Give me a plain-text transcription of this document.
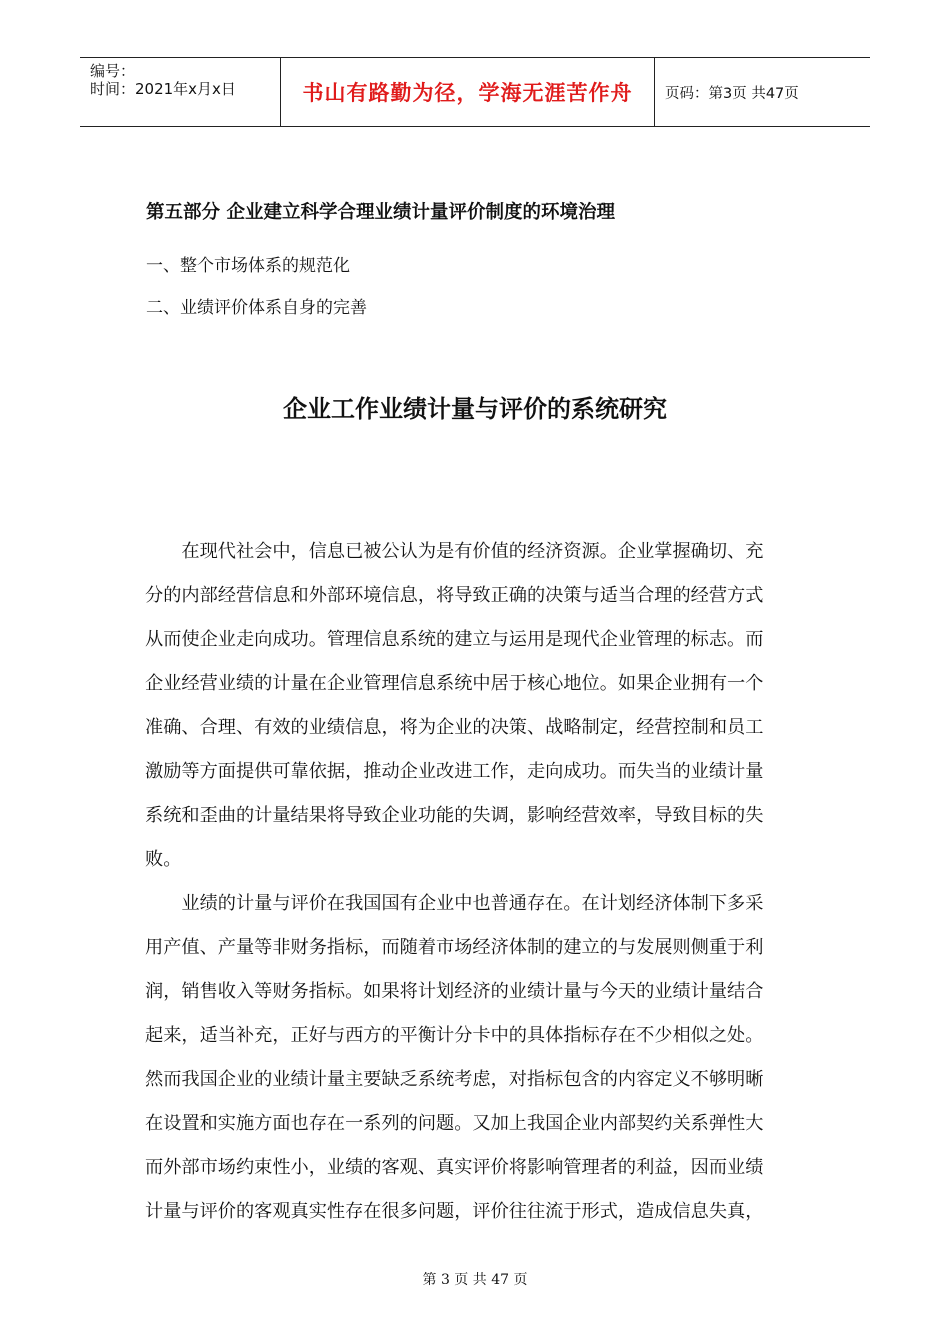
编号：
时间：2021年x月x日	书山有路勤为径，学海无涯苦作舟	页码：第3页 共47页
第五部分 企业建立科学合理业绩计量评价制度的环境治理
一、整个市场体系的规范化
二、业绩评价体系自身的完善
企业工作业绩计量与评价的系统研究
　　在现代社会中，信息已被公认为是有价值的经济资源。企业掌握确切、充
分的内部经营信息和外部环境信息，将导致正确的决策与适当合理的经营方式
从而使企业走向成功。管理信息系统的建立与运用是现代企业管理的标志。而
企业经营业绩的计量在企业管理信息系统中居于核心地位。如果企业拥有一个
准确、合理、有效的业绩信息，将为企业的决策、战略制定，经营控制和员工
激励等方面提供可靠依据，推动企业改进工作，走向成功。而失当的业绩计量
系统和歪曲的计量结果将导致企业功能的失调，影响经营效率，导致目标的失
败。
　　业绩的计量与评价在我国国有企业中也普通存在。在计划经济体制下多采
用产值、产量等非财务指标，而随着市场经济体制的建立的与发展则侧重于利
润，销售收入等财务指标。如果将计划经济的业绩计量与今天的业绩计量结合
起来，适当补充，正好与西方的平衡计分卡中的具体指标存在不少相似之处。
然而我国企业的业绩计量主要缺乏系统考虑，对指标包含的内容定义不够明晰
在设置和实施方面也存在一系列的问题。又加上我国企业内部契约关系弹性大
而外部市场约束性小，业绩的客观、真实评价将影响管理者的利益，因而业绩
计量与评价的客观真实性存在很多问题，评价往往流于形式，造成信息失真，
第 3 页 共 47 页
